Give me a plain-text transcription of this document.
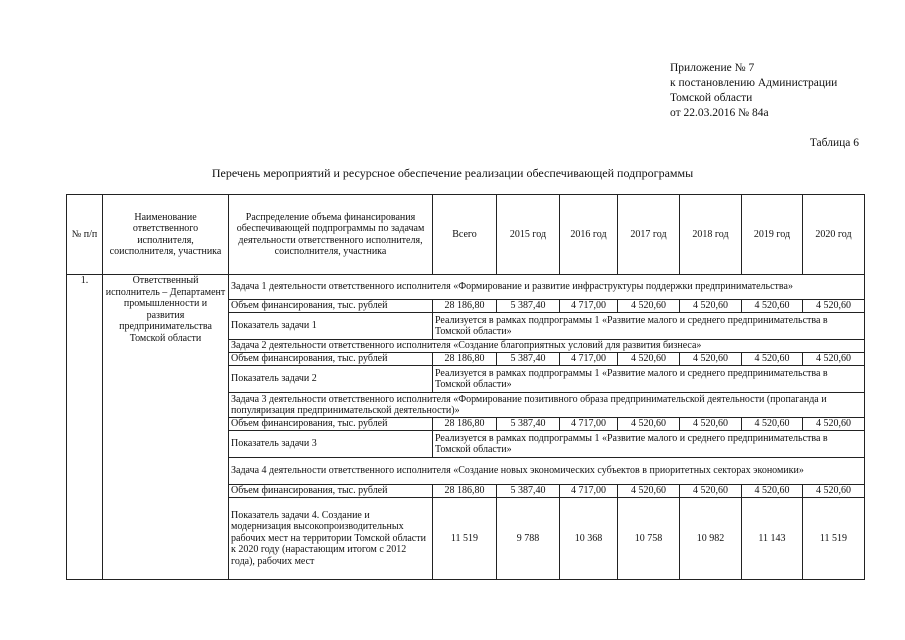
Приложение № 7
к постановлению Администрации
Томской области
от 22.03.2016 № 84а
Таблица 6
Перечень мероприятий и ресурсное обеспечение реализации обеспечивающей подпрограммы
№ п/п	Наименование ответственного исполнителя, соисполнителя, участника	Распределение объема финансирования обеспечивающей подпрограммы по задачам деятельности ответственного исполнителя, соисполнителя, участника	Всего	2015 год	2016 год	2017 год	2018 год	2019 год	2020 год
1.	Ответственный исполнитель – Департамент промышленности и развития предпринимательства Томской области	Задача 1 деятельности ответственного исполнителя «Формирование и развитие инфраструктуры поддержки предпринимательства»							
		Объем финансирования, тыс. рублей	28 186,80	5 387,40	4 717,00	4 520,60	4 520,60	4 520,60	4 520,60
		Показатель задачи 1	Реализуется в рамках подпрограммы 1 «Развитие малого и среднего предпринимательства в Томской области»						
		Задача 2 деятельности ответственного исполнителя «Создание благоприятных условий для развития бизнеса»							
		Объем финансирования, тыс. рублей	28 186,80	5 387,40	4 717,00	4 520,60	4 520,60	4 520,60	4 520,60
		Показатель задачи 2	Реализуется в рамках подпрограммы 1 «Развитие малого и среднего предпринимательства в Томской области»						
		Задача 3 деятельности ответственного исполнителя «Формирование позитивного образа предпринимательской деятельности (пропаганда и популяризация предпринимательской деятельности)»							
		Объем финансирования, тыс. рублей	28 186,80	5 387,40	4 717,00	4 520,60	4 520,60	4 520,60	4 520,60
		Показатель задачи 3	Реализуется в рамках подпрограммы 1 «Развитие малого и среднего предпринимательства в Томской области»						
		Задача 4 деятельности ответственного исполнителя «Создание новых экономических субъектов в приоритетных секторах экономики»							
		Объем финансирования, тыс. рублей	28 186,80	5 387,40	4 717,00	4 520,60	4 520,60	4 520,60	4 520,60
		Показатель задачи 4. Создание и модернизация высокопроизводительных рабочих мест на территории Томской области к 2020 году (нарастающим итогом с 2012 года), рабочих мест	11 519	9 788	10 368	10 758	10 982	11 143	11 519
